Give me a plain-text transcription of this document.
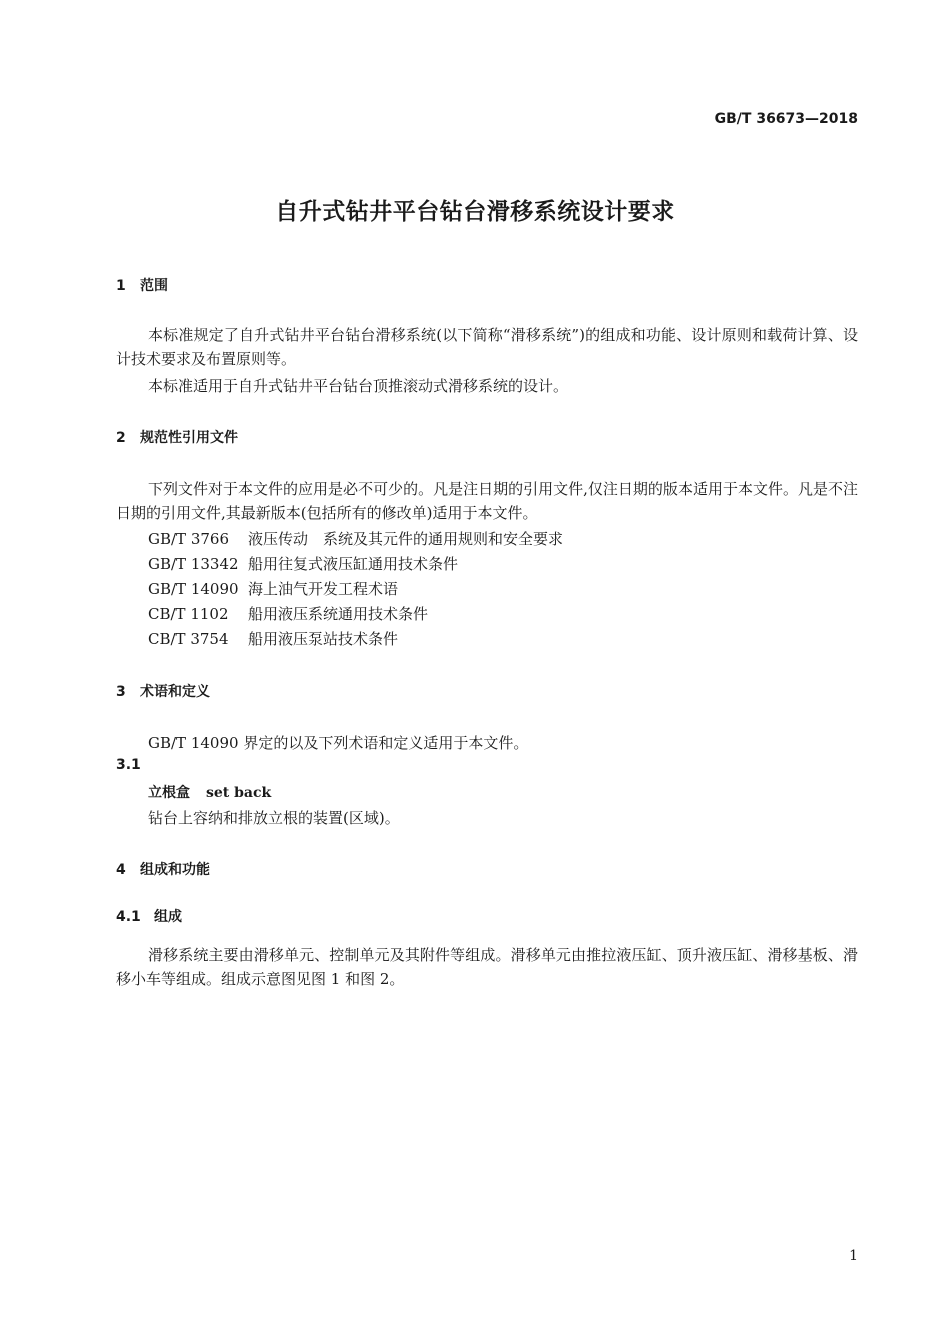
GB/T 36673—2018
自升式钻井平台钻台滑移系统设计要求
1 范围
本标准规定了自升式钻井平台钻台滑移系统(以下简称“滑移系统”)的组成和功能、设计原则和载荷计算、设计技术要求及布置原则等。
本标准适用于自升式钻井平台钻台顶推滚动式滑移系统的设计。
2 规范性引用文件
下列文件对于本文件的应用是必不可少的。凡是注日期的引用文件,仅注日期的版本适用于本文件。凡是不注日期的引用文件,其最新版本(包括所有的修改单)适用于本文件。
GB/T 3766 液压传动　系统及其元件的通用规则和安全要求
GB/T 13342 船用往复式液压缸通用技术条件
GB/T 14090 海上油气开发工程术语
CB/T 1102 船用液压系统通用技术条件
CB/T 3754 船用液压泵站技术条件
3 术语和定义
GB/T 14090 界定的以及下列术语和定义适用于本文件。
3.1
立根盒 set back
钻台上容纳和排放立根的装置(区域)。
4 组成和功能
4.1 组成
滑移系统主要由滑移单元、控制单元及其附件等组成。滑移单元由推拉液压缸、顶升液压缸、滑移基板、滑移小车等组成。组成示意图见图 1 和图 2。
1
